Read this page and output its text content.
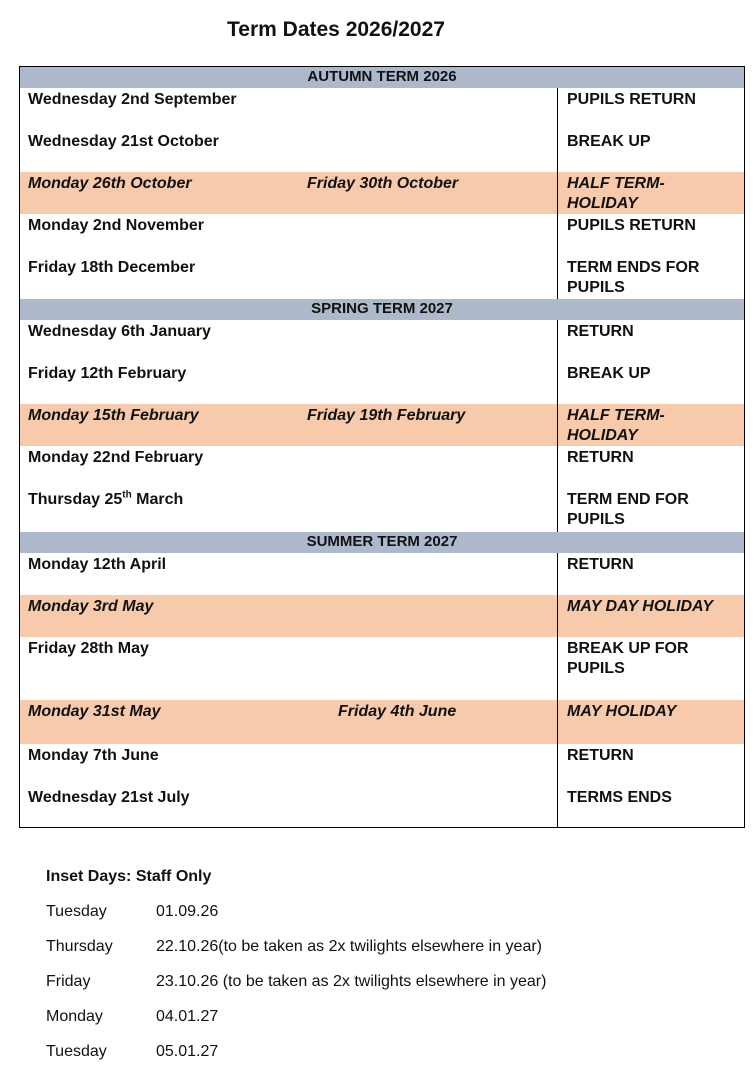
Term Dates 2026/2027
AUTUMN TERM 2026
Wednesday 2nd September	PUPILS RETURN
Wednesday 21st October	BREAK UP
Monday 26th October	Friday 30th October	HALF TERM-HOLIDAY
Monday 2nd November	PUPILS RETURN
Friday 18th December	TERM ENDS FOR PUPILS
SPRING TERM 2027
Wednesday 6th January	RETURN
Friday 12th February	BREAK UP
Monday 15th February	Friday 19th February	HALF TERM-HOLIDAY
Monday 22nd February	RETURN
Thursday 25th March	TERM END FOR PUPILS
SUMMER TERM 2027
Monday 12th April	RETURN
Monday 3rd May	MAY DAY HOLIDAY
Friday 28th May	BREAK UP FOR PUPILS
Monday 31st May	Friday 4th June	MAY HOLIDAY
Monday 7th June	RETURN
Wednesday 21st July	TERMS ENDS
Inset Days: Staff Only
Tuesday	01.09.26
Thursday	22.10.26(to be taken as 2x twilights elsewhere in year)
Friday	23.10.26 (to be taken as 2x twilights elsewhere in year)
Monday	04.01.27
Tuesday	05.01.27
